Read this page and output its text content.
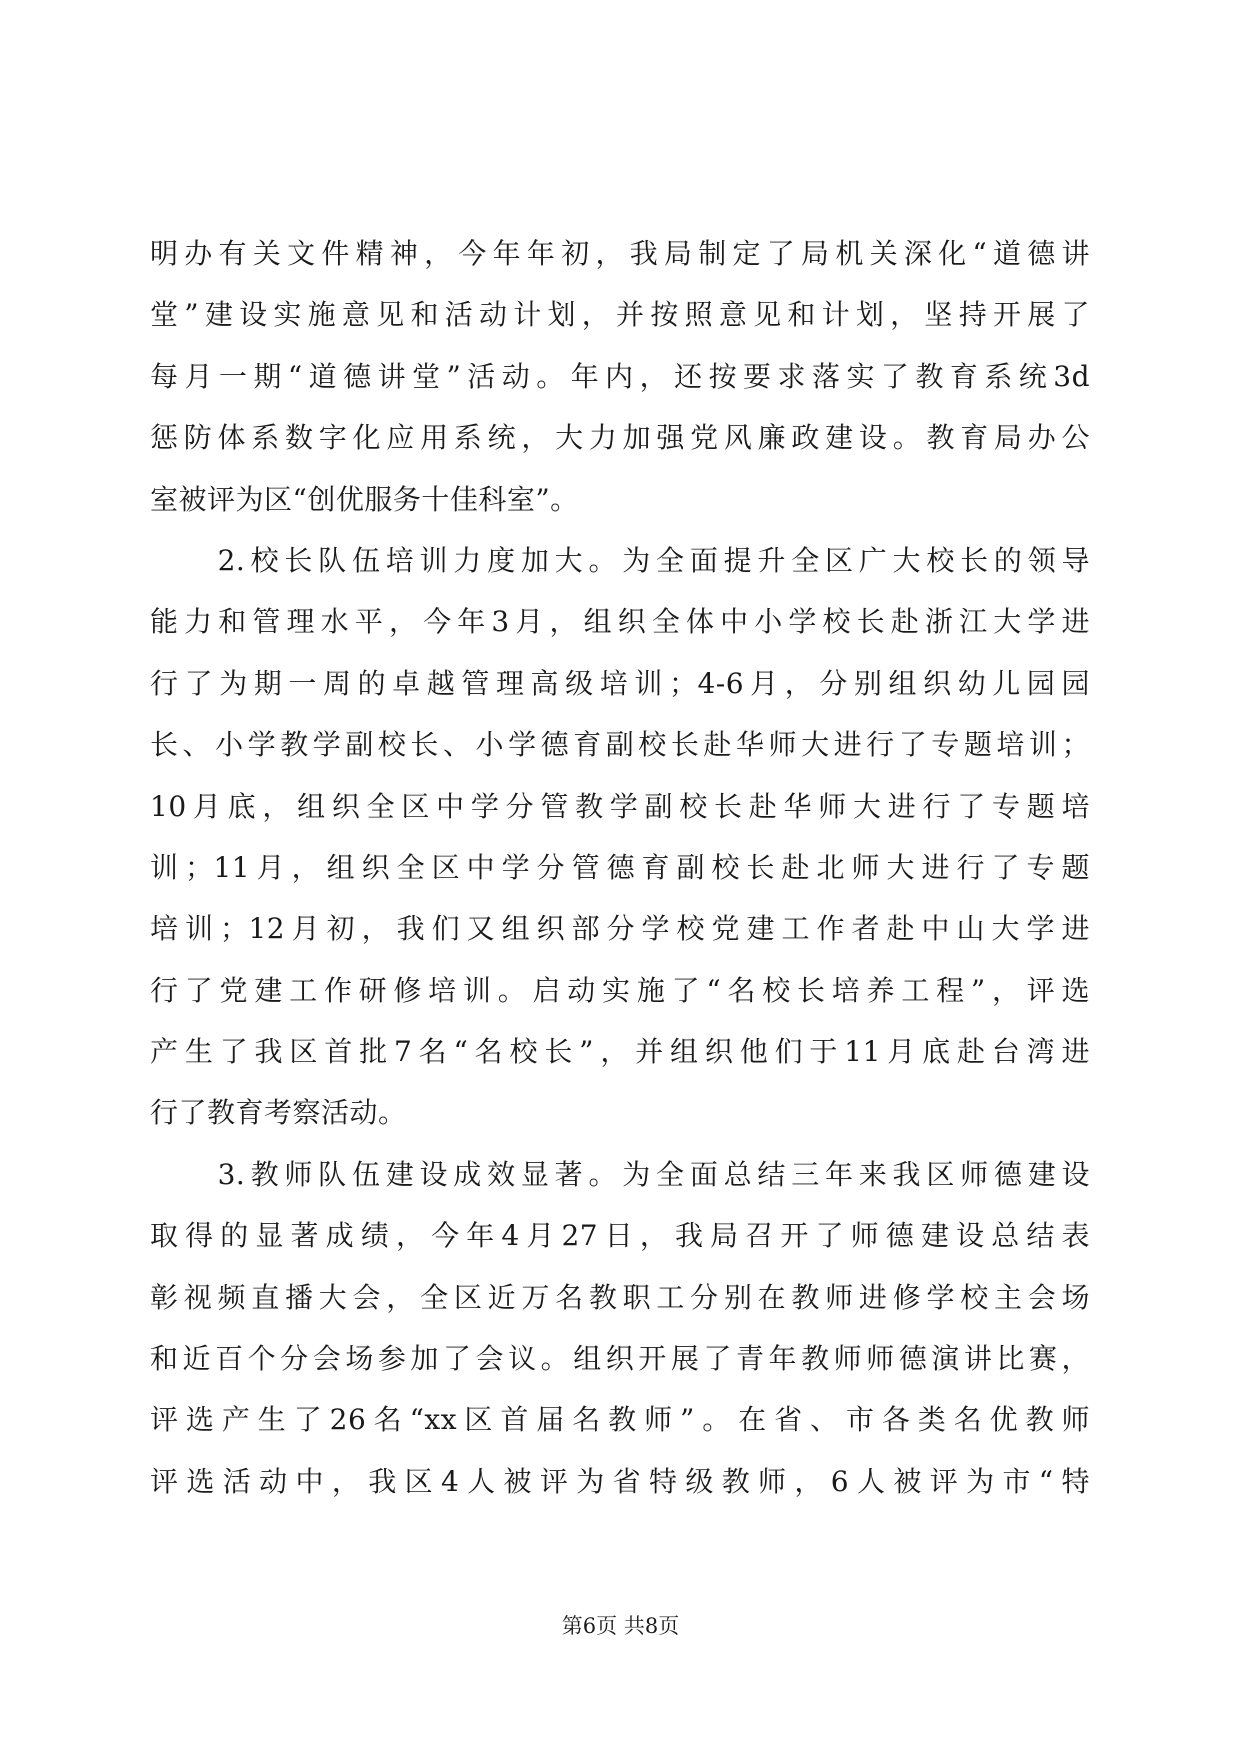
明办有关文件精神，今年年初，我局制定了局机关深化“道德讲
堂”建设实施意见和活动计划，并按照意见和计划，坚持开展了
每月一期“道德讲堂”活动。年内，还按要求落实了教育系统3d
惩防体系数字化应用系统，大力加强党风廉政建设。教育局办公
室被评为区“创优服务十佳科室”。
　　2.校长队伍培训力度加大。为全面提升全区广大校长的领导
能力和管理水平，今年3月，组织全体中小学校长赴浙江大学进
行了为期一周的卓越管理高级培训；4-6月，分别组织幼儿园园
长、小学教学副校长、小学德育副校长赴华师大进行了专题培训；
10月底，组织全区中学分管教学副校长赴华师大进行了专题培
训；11月，组织全区中学分管德育副校长赴北师大进行了专题
培训；12月初，我们又组织部分学校党建工作者赴中山大学进
行了党建工作研修培训。启动实施了“名校长培养工程”，评选
产生了我区首批7名“名校长”，并组织他们于11月底赴台湾进
行了教育考察活动。
　　3.教师队伍建设成效显著。为全面总结三年来我区师德建设
取得的显著成绩，今年4月27日，我局召开了师德建设总结表
彰视频直播大会，全区近万名教职工分别在教师进修学校主会场
和近百个分会场参加了会议。组织开展了青年教师师德演讲比赛，
评选产生了26名“xx区首届名教师”。在省、市各类名优教师
评选活动中，我区4人被评为省特级教师，6人被评为市“特
第6页 共8页
